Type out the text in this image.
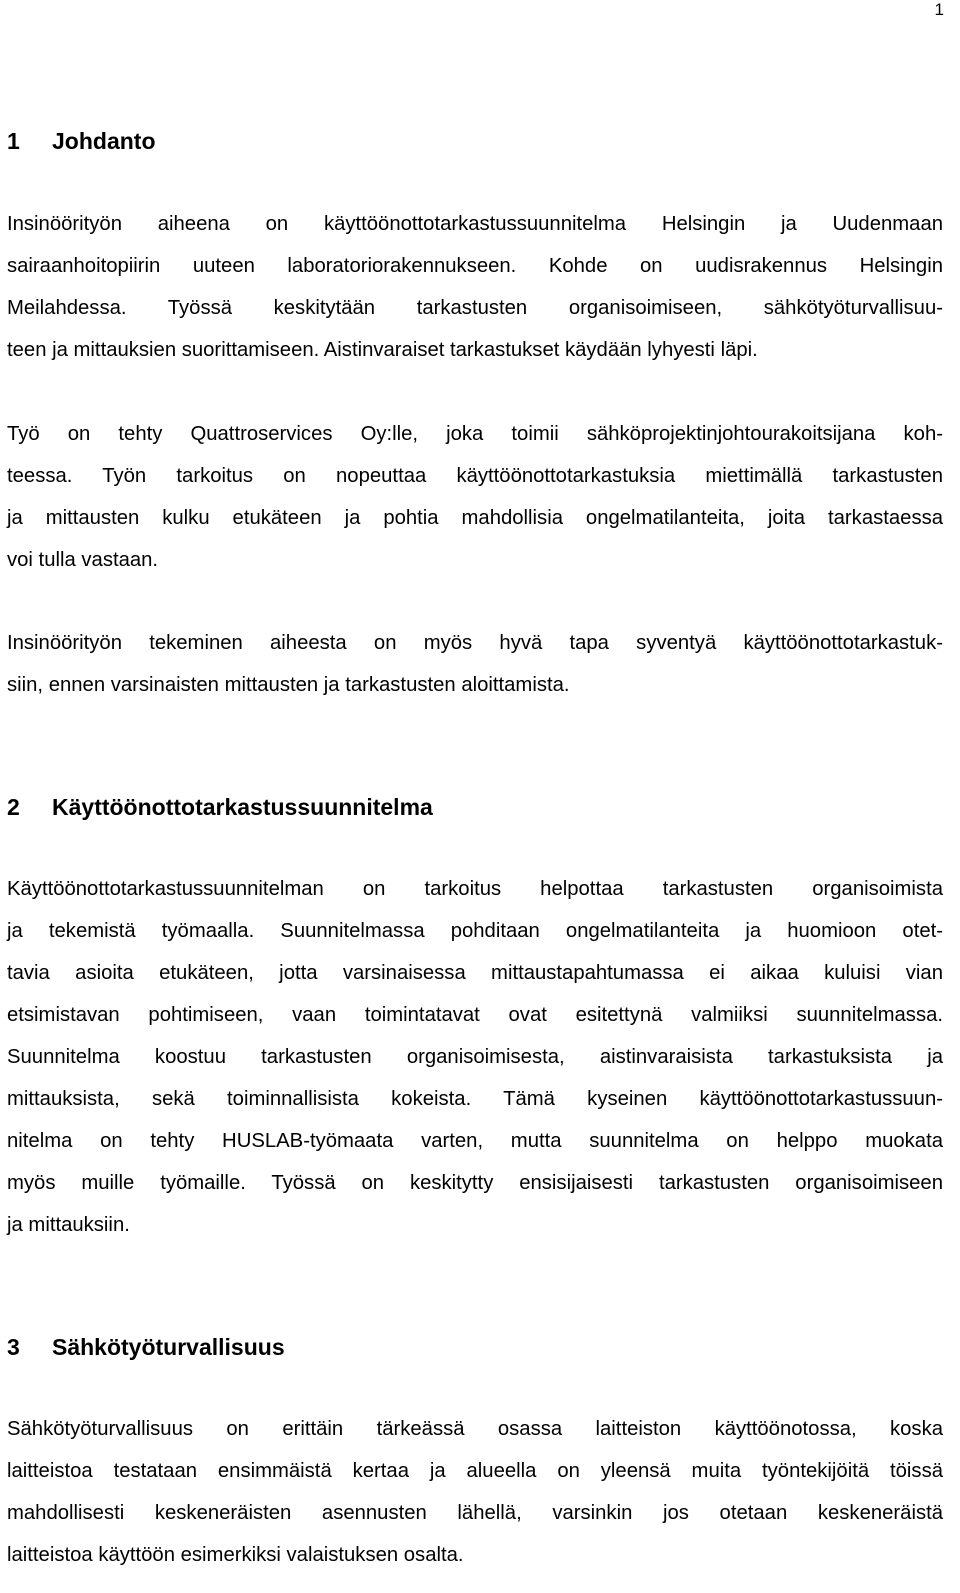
1
1 Johdanto
Insinöörityön aiheena on käyttöönottotarkastussuunnitelma Helsingin ja Uudenmaan
sairaanhoitopiirin uuteen laboratoriorakennukseen. Kohde on uudisrakennus Helsingin
Meilahdessa. Työssä keskitytään tarkastusten organisoimiseen, sähkötyöturvallisuu-
teen ja mittauksien suorittamiseen. Aistinvaraiset tarkastukset käydään lyhyesti läpi.
Työ on tehty Quattroservices Oy:lle, joka toimii sähköprojektinjohtourakoitsijana koh-
teessa. Työn tarkoitus on nopeuttaa käyttöönottotarkastuksia miettimällä tarkastusten
ja mittausten kulku etukäteen ja pohtia mahdollisia ongelmatilanteita, joita tarkastaessa
voi tulla vastaan.
Insinöörityön tekeminen aiheesta on myös hyvä tapa syventyä käyttöönottotarkastuk-
siin, ennen varsinaisten mittausten ja tarkastusten aloittamista.
2 Käyttöönottotarkastussuunnitelma
Käyttöönottotarkastussuunnitelman on tarkoitus helpottaa tarkastusten organisoimista
ja tekemistä työmaalla. Suunnitelmassa pohditaan ongelmatilanteita ja huomioon otet-
tavia asioita etukäteen, jotta varsinaisessa mittaustapahtumassa ei aikaa kuluisi vian
etsimistavan pohtimiseen, vaan toimintatavat ovat esitettynä valmiiksi suunnitelmassa.
Suunnitelma koostuu tarkastusten organisoimisesta, aistinvaraisista tarkastuksista ja
mittauksista, sekä toiminnallisista kokeista. Tämä kyseinen käyttöönottotarkastussuun-
nitelma on tehty HUSLAB-työmaata varten, mutta suunnitelma on helppo muokata
myös muille työmaille. Työssä on keskitytty ensisijaisesti tarkastusten organisoimiseen
ja mittauksiin.
3 Sähkötyöturvallisuus
Sähkötyöturvallisuus on erittäin tärkeässä osassa laitteiston käyttöönotossa, koska
laitteistoa testataan ensimmäistä kertaa ja alueella on yleensä muita työntekijöitä töissä
mahdollisesti keskeneräisten asennusten lähellä, varsinkin jos otetaan keskeneräistä
laitteistoa käyttöön esimerkiksi valaistuksen osalta.
